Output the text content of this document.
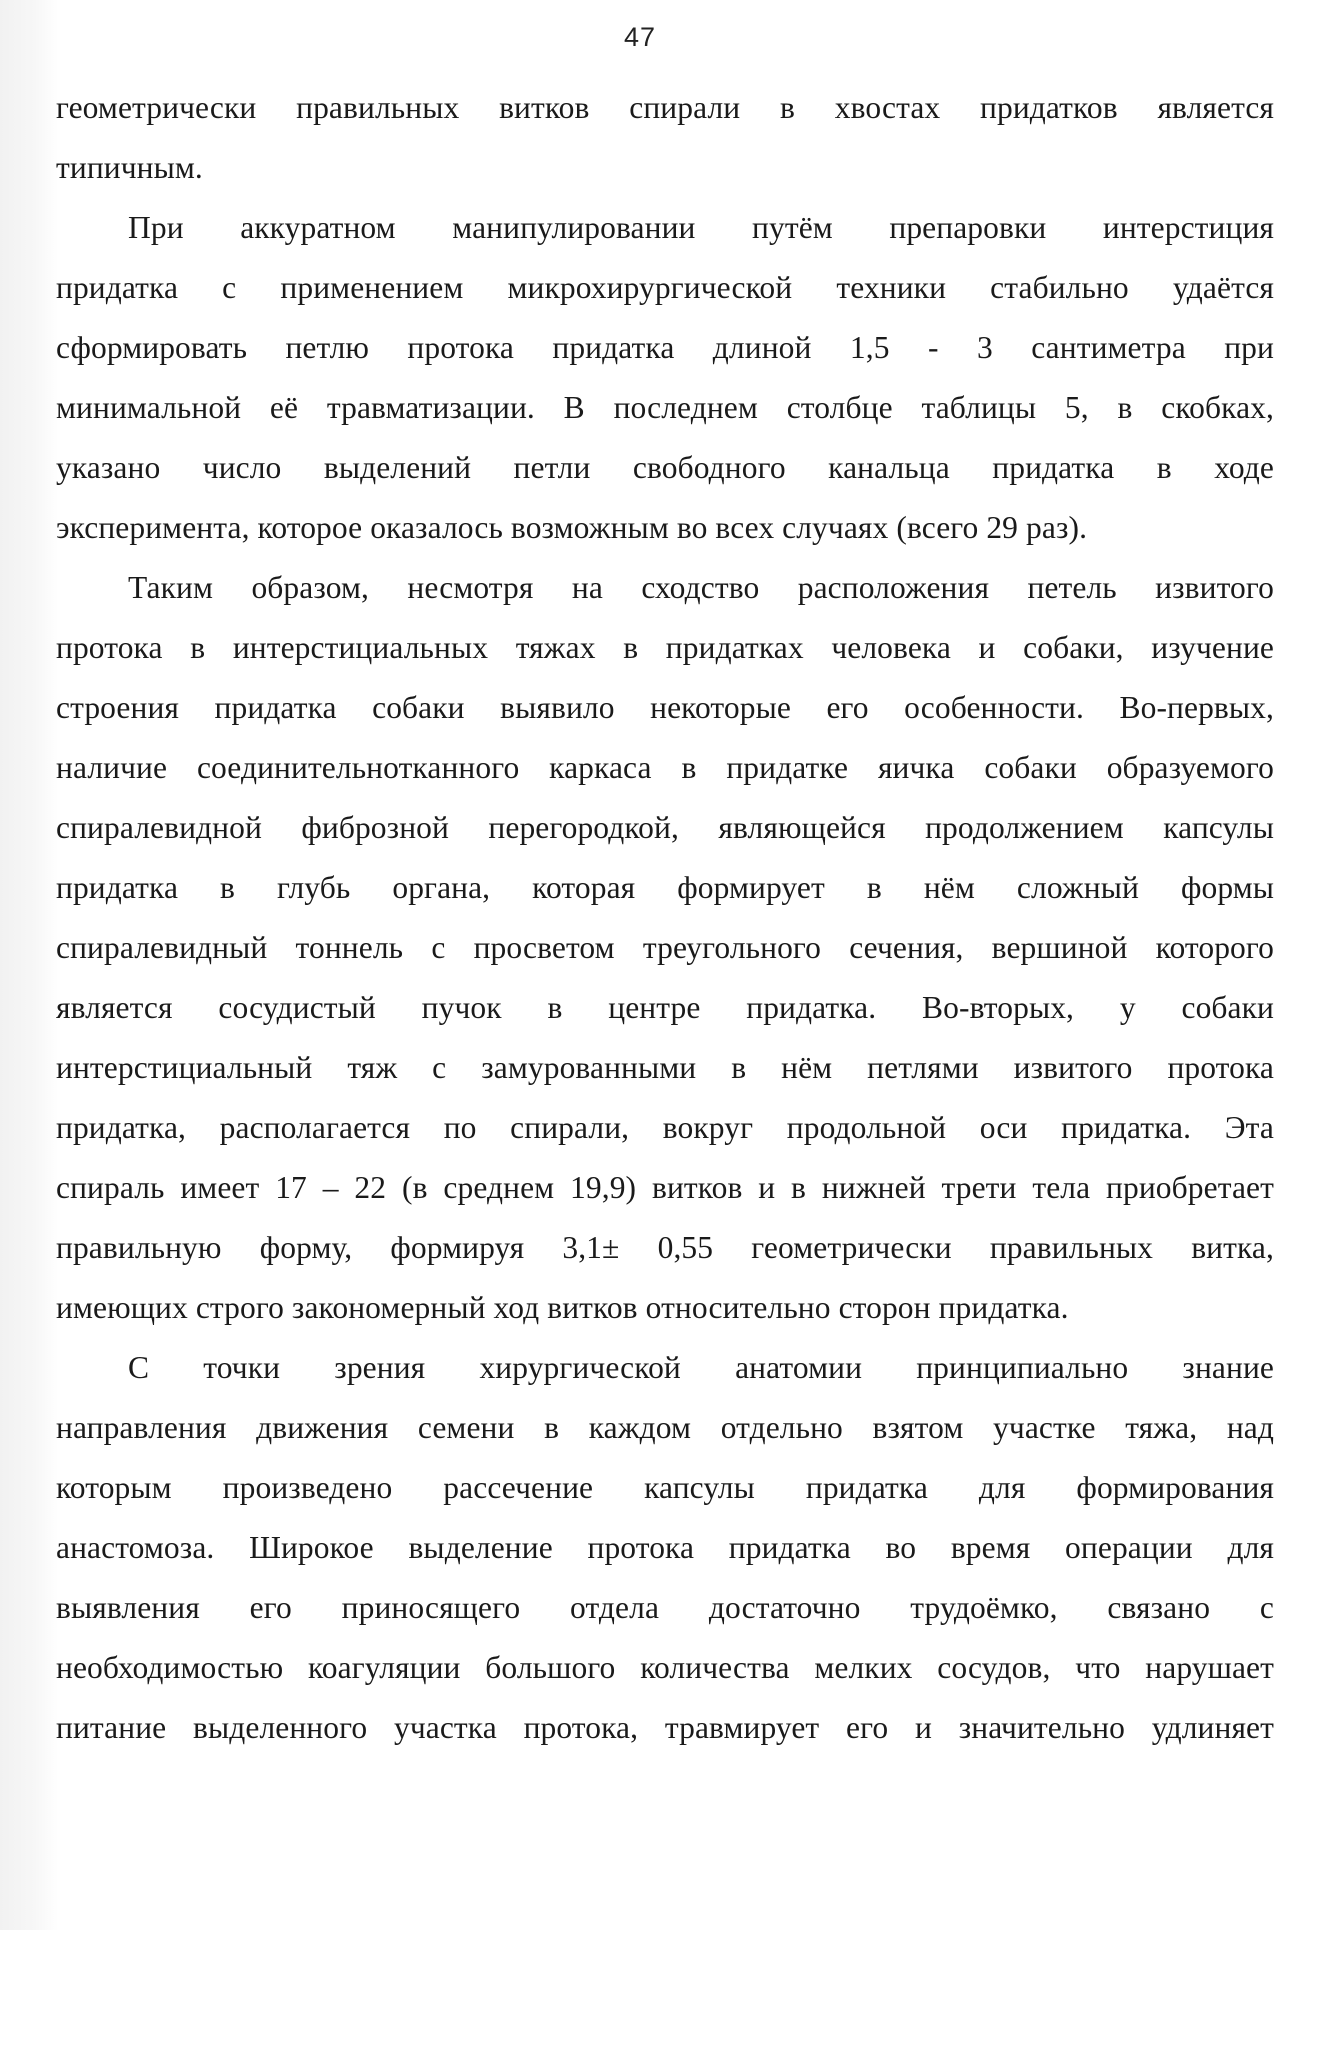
47
геометрически правильных витков спирали в хвостах придатков является
типичным.
При аккуратном манипулировании путём препаровки интерстиция
придатка с применением микрохирургической техники стабильно удаётся
сформировать петлю протока придатка длиной 1,5 - 3 сантиметра при
минимальной её травматизации. В последнем столбце таблицы 5, в скобках,
указано число выделений петли свободного канальца придатка в ходе
эксперимента, которое оказалось возможным во всех случаях (всего 29 раз).
Таким образом, несмотря на сходство расположения петель извитого
протока в интерстициальных тяжах в придатках человека и собаки, изучение
строения придатка собаки выявило некоторые его особенности. Во-первых,
наличие соединительнотканного каркаса в придатке яичка собаки образуемого
спиралевидной фиброзной перегородкой, являющейся продолжением капсулы
придатка в глубь органа, которая формирует в нём сложный формы
спиралевидный тоннель с просветом треугольного сечения, вершиной которого
является сосудистый пучок в центре придатка. Во-вторых, у собаки
интерстициальный тяж с замурованными в нём петлями извитого протока
придатка, располагается по спирали, вокруг продольной оси придатка. Эта
спираль имеет 17 – 22 (в среднем 19,9) витков и в нижней трети тела приобретает
правильную форму, формируя 3,1± 0,55 геометрически правильных витка,
имеющих строго закономерный ход витков относительно сторон придатка.
С точки зрения хирургической анатомии принципиально знание
направления движения семени в каждом отдельно взятом участке тяжа, над
которым произведено рассечение капсулы придатка для формирования
анастомоза. Широкое выделение протока придатка во время операции для
выявления его приносящего отдела достаточно трудоёмко, связано с
необходимостью коагуляции большого количества мелких сосудов, что нарушает
питание выделенного участка протока, травмирует его и значительно удлиняет
